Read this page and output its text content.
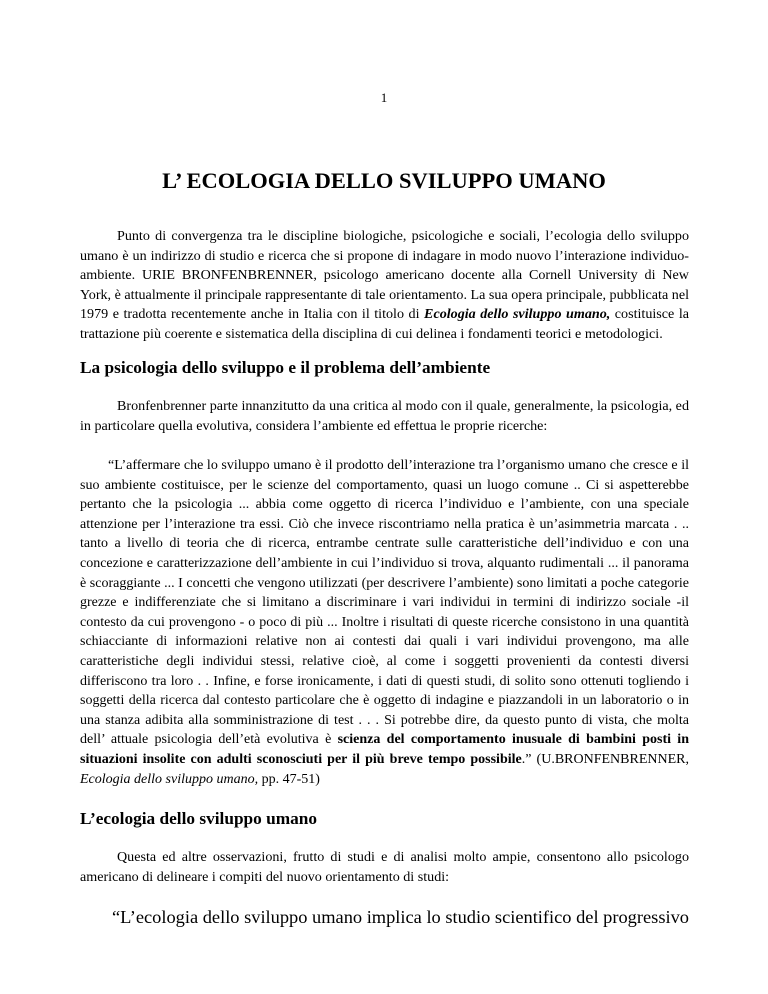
1
L’ ECOLOGIA DELLO SVILUPPO UMANO

Punto di convergenza tra le discipline biologiche, psicologiche e sociali, l’ecologia dello sviluppo umano è un indirizzo di studio e ricerca che si propone di indagare in modo nuovo l’interazione individuo-ambiente. URIE BRONFENBRENNER, psicologo americano docente alla Cornell University di New York, è attualmente il principale rappresentante di tale orientamento. La sua opera principale, pubblicata nel 1979 e tradotta recentemente anche in Italia con il titolo di Ecologia dello sviluppo umano, costituisce la trattazione più coerente e sistematica della disciplina di cui delinea i fondamenti teorici e metodologici.

La psicologia dello sviluppo e il problema dell’ambiente

Bronfenbrenner parte innanzitutto da una critica al modo con il quale, generalmente, la psicologia, ed in particolare quella evolutiva, considera l’ambiente ed effettua le proprie ricerche:

“L’affermare che lo sviluppo umano è il prodotto dell’interazione tra l’organismo umano che cresce e il suo ambiente costituisce, per le scienze del comportamento, quasi un luogo comune .. Ci si aspetterebbe pertanto che la psicologia ... abbia come oggetto di ricerca l’individuo e l’ambiente, con una speciale attenzione per l’interazione tra essi. Ciò che invece riscontriamo nella pratica è un’asimmetria marcata . .. tanto a livello di teoria che di ricerca, entrambe centrate sulle caratteristiche dell’individuo e con una concezione e caratterizzazione dell’ambiente in cui l’individuo si trova, alquanto rudimentali ... il panorama è scoraggiante ... I concetti che vengono utilizzati (per descrivere l’ambiente) sono limitati a poche categorie grezze e indifferenziate che si limitano a discriminare i vari individui in termini di indirizzo sociale -il contesto da cui provengono - o poco di più ... Inoltre i risultati di queste ricerche consistono in una quantità schiacciante di informazioni relative non ai contesti dai quali i vari individui provengono, ma alle caratteristiche degli individui stessi, relative cioè, al come i soggetti provenienti da contesti diversi differiscono tra loro . . Infine, e forse ironicamente, i dati di questi studi, di solito sono ottenuti togliendo i soggetti della ricerca dal contesto particolare che è oggetto di indagine e piazzandoli in un laboratorio o in una stanza adibita alla somministrazione di test . . . Si potrebbe dire, da questo punto di vista, che molta dell’ attuale psicologia dell’età evolutiva è scienza del comportamento inusuale di bambini posti in situazioni insolite con adulti sconosciuti per il più breve tempo possibile.” (U.BRONFENBRENNER, Ecologia dello sviluppo umano, pp. 47-51)

L’ecologia dello sviluppo umano

Questa ed altre osservazioni, frutto di studi e di analisi molto ampie, consentono allo psicologo americano di delineare i compiti del nuovo orientamento di studi:

“L’ecologia dello sviluppo umano implica lo studio scientifico del progressivo
